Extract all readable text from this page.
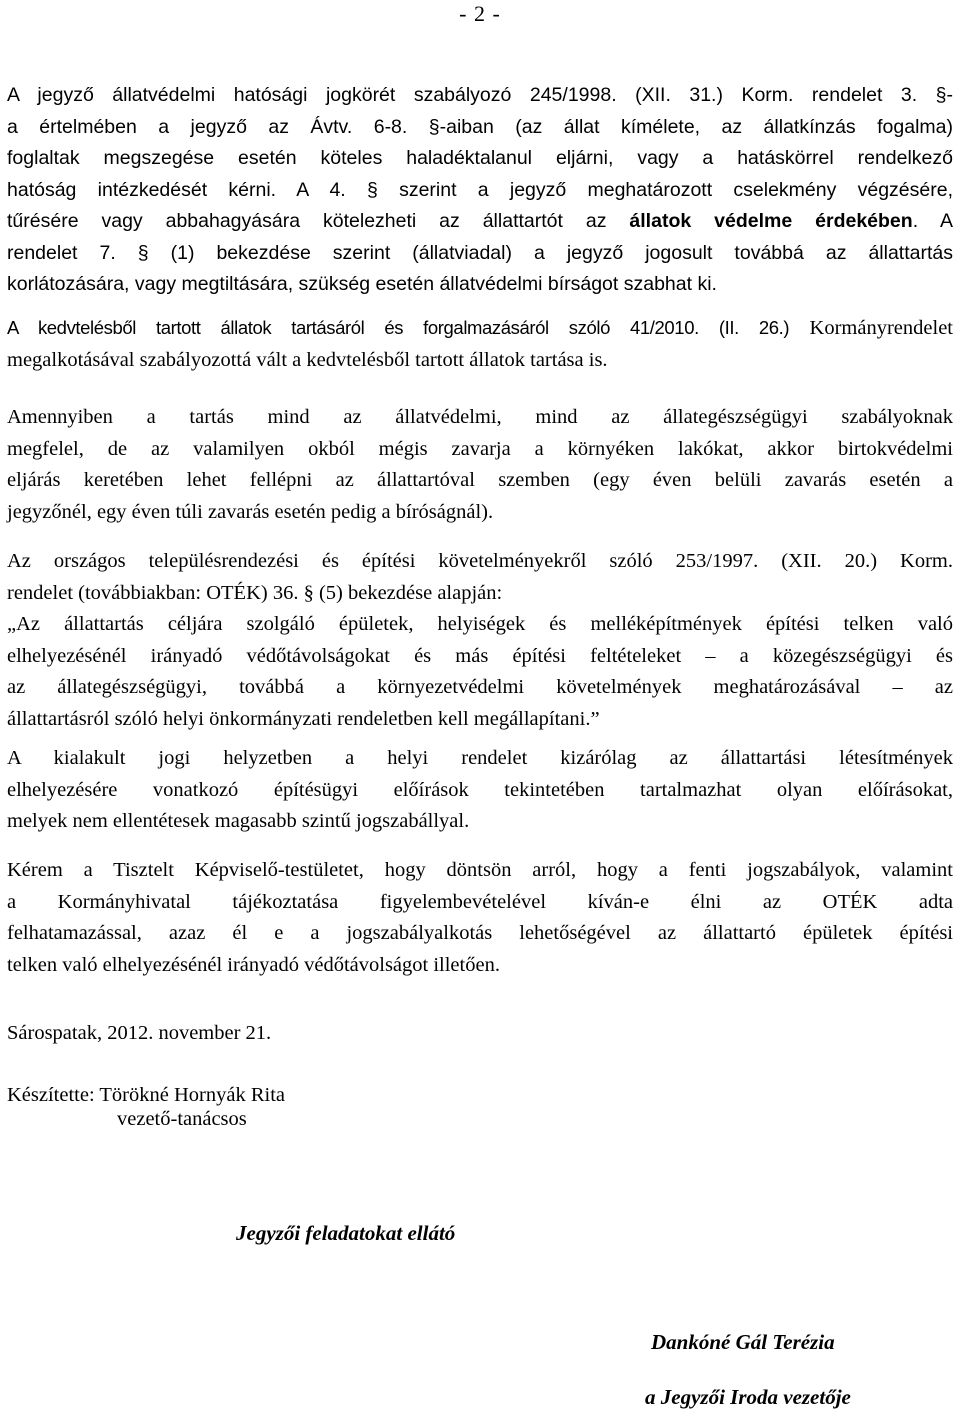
- 2 -
A jegyző állatvédelmi hatósági jogkörét szabályozó 245/1998. (XII. 31.) Korm. rendelet 3. §-
a értelmében a jegyző az Ávtv. 6-8. §-aiban (az állat kímélete, az állatkínzás fogalma)
foglaltak megszegése esetén köteles haladéktalanul eljárni, vagy a hatáskörrel rendelkező
hatóság intézkedését kérni. A 4. § szerint a jegyző meghatározott cselekmény végzésére,
tűrésére vagy abbahagyására kötelezheti az állattartót az állatok védelme érdekében. A
rendelet 7. § (1) bekezdése szerint (állatviadal) a jegyző jogosult továbbá az állattartás
korlátozására, vagy megtiltására, szükség esetén állatvédelmi bírságot szabhat ki.
A kedvtelésből tartott állatok tartásáról és forgalmazásáról szóló 41/2010. (II. 26.) Kormányrendelet
megalkotásával szabályozottá vált a kedvtelésből tartott állatok tartása is.
Amennyiben a tartás mind az állatvédelmi, mind az állategészségügyi szabályoknak
megfelel, de az valamilyen okból mégis zavarja a környéken lakókat, akkor birtokvédelmi
eljárás keretében lehet fellépni az állattartóval szemben (egy éven belüli zavarás esetén a
jegyzőnél, egy éven túli zavarás esetén pedig a bíróságnál).
Az országos településrendezési és építési követelményekről szóló 253/1997. (XII. 20.) Korm.
rendelet (továbbiakban: OTÉK) 36. § (5) bekezdése alapján:
„Az állattartás céljára szolgáló épületek, helyiségek és melléképítmények építési telken való
elhelyezésénél irányadó védőtávolságokat és más építési feltételeket – a közegészségügyi és
az állategészségügyi, továbbá a környezetvédelmi követelmények meghatározásával – az
állattartásról szóló helyi önkormányzati rendeletben kell megállapítani.”
A kialakult jogi helyzetben a helyi rendelet kizárólag az állattartási létesítmények
elhelyezésére vonatkozó építésügyi előírások tekintetében tartalmazhat olyan előírásokat,
melyek nem ellentétesek magasabb szintű jogszabállyal.
Kérem a Tisztelt Képviselő-testületet, hogy döntsön arról, hogy a fenti jogszabályok, valamint
a Kormányhivatal tájékoztatása figyelembevételével kíván-e élni az OTÉK adta
felhatamazással, azaz él e a jogszabályalkotás lehetőségével az állattartó épületek építési
telken való elhelyezésénél irányadó védőtávolságot illetően.
Sárospatak, 2012. november 21.
Készítette: Törökné Hornyák Rita
vezető-tanácsos
Jegyzői feladatokat ellátó
Dankóné Gál Terézia
a Jegyzői Iroda vezetője
